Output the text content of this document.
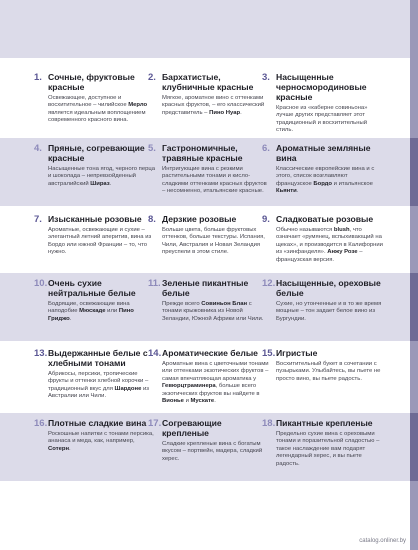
1. Сочные, фруктовые красные
Освежающее, доступное и восхитительное – чилийское Мерло является идеальным воплощением современного красного вина.
2. Бархатистые, клубничные красные
Мягкое, ароматное вино с оттенками красных фруктов, – его классический представитель – Пино Нуар.
3. Насыщенные черносмородиновые красные
Красное из «каберне совиньона» лучше других представляет этот традиционный и восхитительный стиль.
4. Пряные, согревающие красные
Насыщенные тона ягод, черного перца и шоколада – непревзойденный австралийский Шираз.
5. Гастрономичные, травяные красные
Интригующие вина с резкими растительными тонами и кисло-сладкими оттенками красных фруктов – несомненно, итальянские красные.
6. Ароматные земляные вина
Классические европейские вина и с этого, список возглавляют французское Бордо и итальянское Кьянти.
7. Изысканные розовые
Ароматные, освежающие и сухие – элегантный летний аперитив, вина из Бордо или южной Франции – то, что нужно.
8. Дерзкие розовые
Больше цвета, больше фруктовых оттенков, больше текстуры. Испания, Чили, Австралия и Новая Зеландия преуспели в этом стиле.
9. Сладковатые розовые
Обычно называются blush, что означает «румянец, вспыхивающий на щеках», и производится в Калифорнии из «зинфанделя». Анжу Розе – французская версия.
10. Очень сухие нейтральные белые
Бодрящие, освежающие вина наподобие Мюскаде или Пино Гриджо.
11. Зеленые пикантные белые
Прежде всего Совиньон Блан с тонами крыжовника из Новой Зеландии, Южной Африки или Чили.
12. Насыщенные, ореховые белые
Сухие, но утонченные и в то же время мощные – тон задает белое вино из Бургундии.
13. Выдержанные белые с хлебными тонами
Абрикосы, персики, тропические фрукты и оттенки хлебной корочки – традиционный вкус для Шардоне из Австралии или Чили.
14. Ароматические белые
Ароматные вина с цветочными тонами или оттенками экзотических фруктов – самая впечатляющая ароматика у Гевюрцтраминера, больше всего экзотических фруктов вы найдете в Вионье и Мускате.
15. Игристые
Восхитительный букет в сочетании с пузырьками. Улыбайтесь, вы пьете не просто вино, вы пьете радость.
16. Плотные сладкие вина
Роскошные напитки с тонами персика, ананаса и меда, как, например, Сотерн.
17. Согревающие крепленые
Сладкие крепленые вина с богатым вкусом – портвейн, мадера, сладкий херес.
18. Пикантные крепленые
Предельно сухие вина с ореховыми тонами и поразительной сладостью – такое наслаждение вам подарят легендарный херес, и вы пьете радость.
catalog.onliner.by
